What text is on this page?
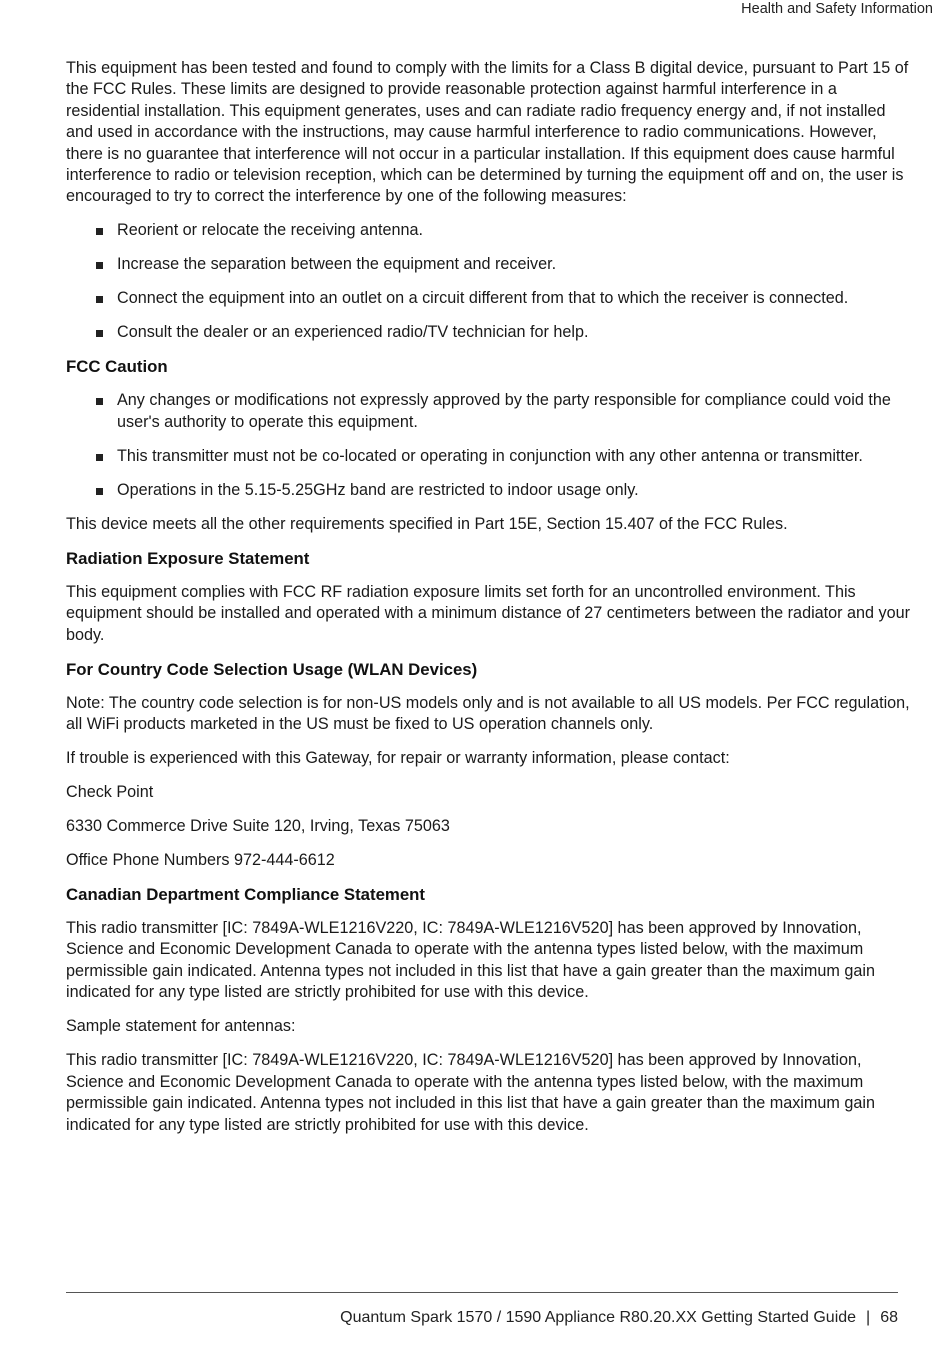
Health and Safety Information

This equipment has been tested and found to comply with the limits for a Class B digital device, pursuant to Part 15 of the FCC Rules. These limits are designed to provide reasonable protection against harmful interference in a residential installation. This equipment generates, uses and can radiate radio frequency energy and, if not installed and used in accordance with the instructions, may cause harmful interference to radio communications. However, there is no guarantee that interference will not occur in a particular installation. If this equipment does cause harmful interference to radio or television reception, which can be determined by turning the equipment off and on, the user is encouraged to try to correct the interference by one of the following measures:

Reorient or relocate the receiving antenna.
Increase the separation between the equipment and receiver.
Connect the equipment into an outlet on a circuit different from that to which the receiver is connected.
Consult the dealer or an experienced radio/TV technician for help.
FCC Caution
Any changes or modifications not expressly approved by the party responsible for compliance could void the user's authority to operate this equipment.
This transmitter must not be co-located or operating in conjunction with any other antenna or transmitter.
Operations in the 5.15-5.25GHz band are restricted to indoor usage only.

This device meets all the other requirements specified in Part 15E, Section 15.407 of the FCC Rules.

Radiation Exposure Statement

This equipment complies with FCC RF radiation exposure limits set forth for an uncontrolled environment. This equipment should be installed and operated with a minimum distance of 27 centimeters between the radiator and your body.

For Country Code Selection Usage (WLAN Devices)

Note: The country code selection is for non-US models only and is not available to all US models. Per FCC regulation, all WiFi products marketed in the US must be fixed to US operation channels only.

If trouble is experienced with this Gateway, for repair or warranty information, please contact:

Check Point

6330 Commerce Drive Suite 120, Irving, Texas 75063

Office Phone Numbers 972-444-6612

Canadian Department Compliance Statement

This radio transmitter [IC: 7849A-WLE1216V220, IC: 7849A-WLE1216V520] has been approved by Innovation, Science and Economic Development Canada to operate with the antenna types listed below, with the maximum permissible gain indicated. Antenna types not included in this list that have a gain greater than the maximum gain indicated for any type listed are strictly prohibited for use with this device.

Sample statement for antennas:

This radio transmitter [IC: 7849A-WLE1216V220, IC: 7849A-WLE1216V520] has been approved by Innovation, Science and Economic Development Canada to operate with the antenna types listed below, with the maximum permissible gain indicated. Antenna types not included in this list that have a gain greater than the maximum gain indicated for any type listed are strictly prohibited for use with this device.

Quantum Spark 1570 / 1590 Appliance R80.20.XX Getting Started Guide | 68
